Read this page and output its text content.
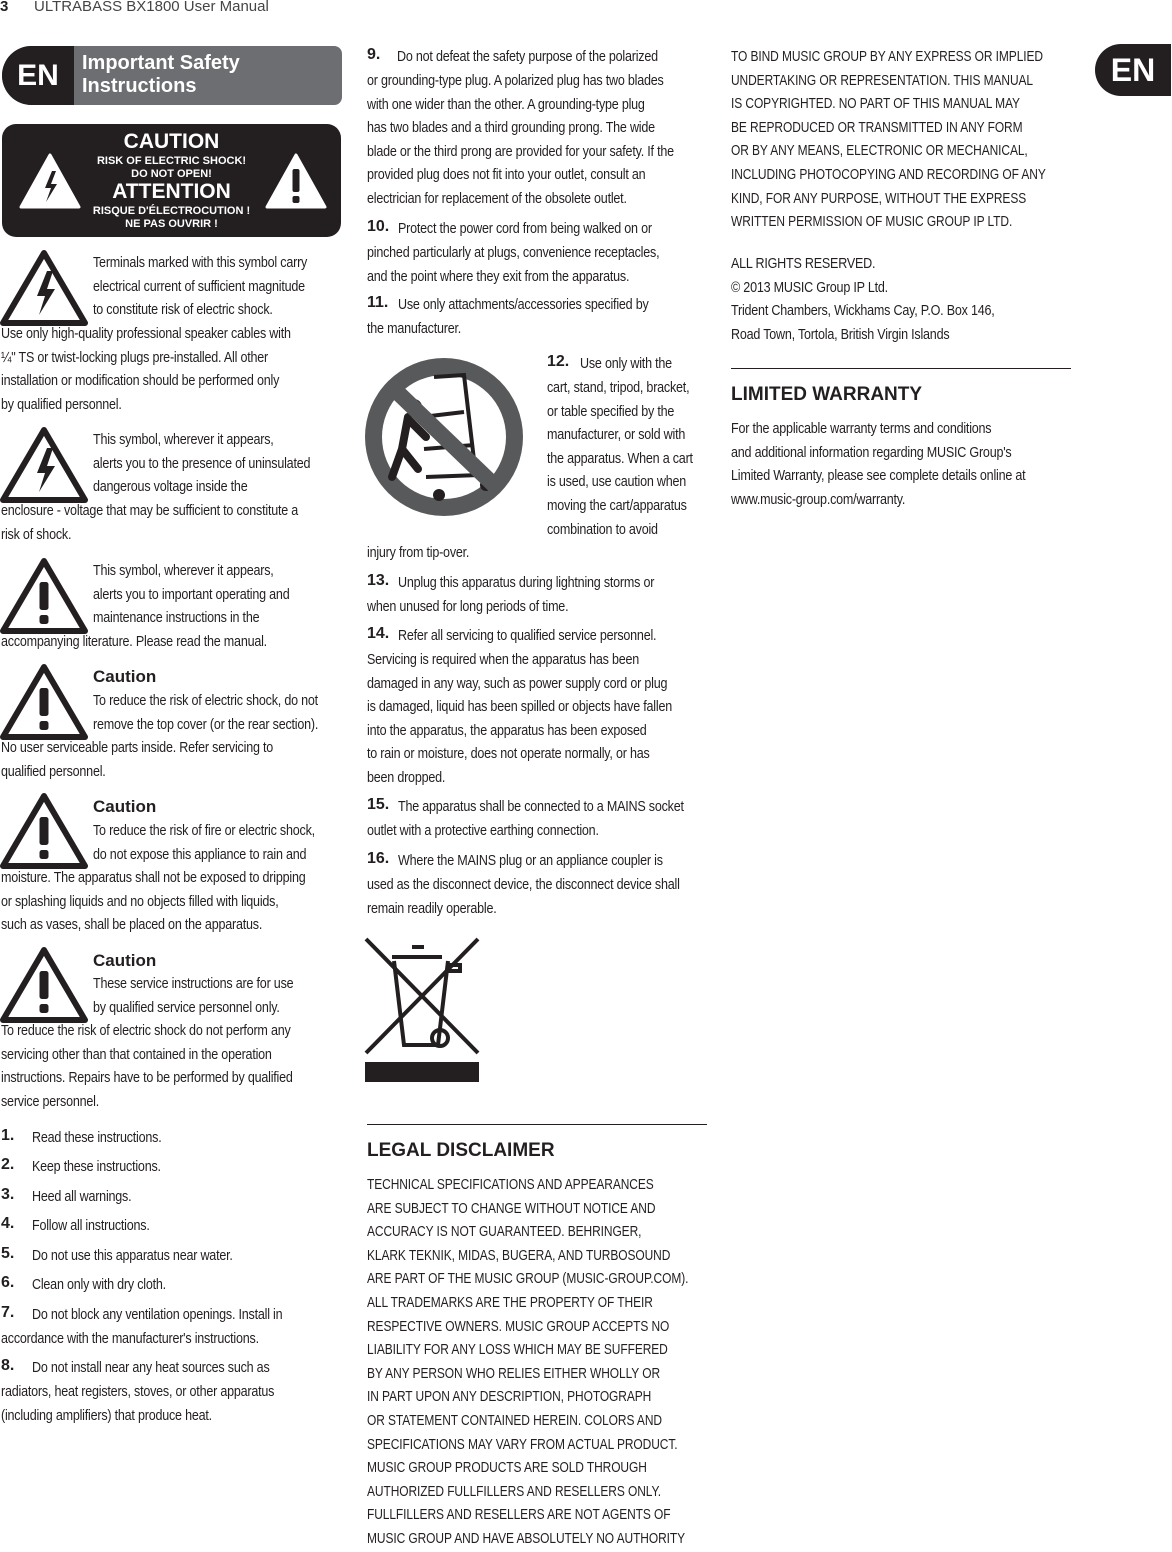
3 ULTRABASS BX1800 User Manual
EN	Important Safety
Instructions	EN
CAUTION
RISK OF ELECTRIC SHOCK!
DO NOT OPEN!
ATTENTION
RISQUE D'ÉLECTROCUTION !
NE PAS OUVRIR !
Terminals marked with this symbol carry
electrical current of sufficient magnitude
to constitute risk of electric shock.
Use only high-quality professional speaker cables with
¼" TS or twist-locking plugs pre-installed. All other
installation or modification should be performed only
by qualified personnel.
This symbol, wherever it appears,
alerts you to the presence of uninsulated
dangerous voltage inside the
enclosure - voltage that may be sufficient to constitute a
risk of shock.
This symbol, wherever it appears,
alerts you to important operating and
maintenance instructions in the
accompanying literature. Please read the manual.
Caution
To reduce the risk of electric shock, do not
remove the top cover (or the rear section).
No user serviceable parts inside. Refer servicing to
qualified personnel.
Caution
To reduce the risk of fire or electric shock,
do not expose this appliance to rain and
moisture. The apparatus shall not be exposed to dripping
or splashing liquids and no objects filled with liquids,
such as vases, shall be placed on the apparatus.
Caution
These service instructions are for use
by qualified service personnel only.
To reduce the risk of electric shock do not perform any
servicing other than that contained in the operation
instructions. Repairs have to be performed by qualified
service personnel.
1. Read these instructions.
2. Keep these instructions.
3. Heed all warnings.
4. Follow all instructions.
5. Do not use this apparatus near water.
6. Clean only with dry cloth.
7. Do not block any ventilation openings. Install in
accordance with the manufacturer's instructions.
8. Do not install near any heat sources such as
radiators, heat registers, stoves, or other apparatus
(including amplifiers) that produce heat.
9. Do not defeat the safety purpose of the polarized
or grounding-type plug. A polarized plug has two blades
with one wider than the other. A grounding-type plug
has two blades and a third grounding prong. The wide
blade or the third prong are provided for your safety. If the
provided plug does not fit into your outlet, consult an
electrician for replacement of the obsolete outlet.
10. Protect the power cord from being walked on or
pinched particularly at plugs, convenience receptacles,
and the point where they exit from the apparatus.
11. Use only attachments/accessories specified by
the manufacturer.
12. Use only with the
cart, stand, tripod, bracket,
or table specified by the
manufacturer, or sold with
the apparatus. When a cart
is used, use caution when
moving the cart/apparatus
combination to avoid
injury from tip-over.
13. Unplug this apparatus during lightning storms or
when unused for long periods of time.
14. Refer all servicing to qualified service personnel.
Servicing is required when the apparatus has been
damaged in any way, such as power supply cord or plug
is damaged, liquid has been spilled or objects have fallen
into the apparatus, the apparatus has been exposed
to rain or moisture, does not operate normally, or has
been dropped.
15. The apparatus shall be connected to a MAINS socket
outlet with a protective earthing connection.
16. Where the MAINS plug or an appliance coupler is
used as the disconnect device, the disconnect device shall
remain readily operable.
LEGAL DISCLAIMER
TECHNICAL SPECIFICATIONS AND APPEARANCES
ARE SUBJECT TO CHANGE WITHOUT NOTICE AND
ACCURACY IS NOT GUARANTEED. BEHRINGER,
KLARK TEKNIK, MIDAS, BUGERA, AND TURBOSOUND
ARE PART OF THE MUSIC GROUP (MUSIC-GROUP.COM).
ALL TRADEMARKS ARE THE PROPERTY OF THEIR
RESPECTIVE OWNERS. MUSIC GROUP ACCEPTS NO
LIABILITY FOR ANY LOSS WHICH MAY BE SUFFERED
BY ANY PERSON WHO RELIES EITHER WHOLLY OR
IN PART UPON ANY DESCRIPTION, PHOTOGRAPH
OR STATEMENT CONTAINED HEREIN. COLORS AND
SPECIFICATIONS MAY VARY FROM ACTUAL PRODUCT.
MUSIC GROUP PRODUCTS ARE SOLD THROUGH
AUTHORIZED FULLFILLERS AND RESELLERS ONLY.
FULLFILLERS AND RESELLERS ARE NOT AGENTS OF
MUSIC GROUP AND HAVE ABSOLUTELY NO AUTHORITY
TO BIND MUSIC GROUP BY ANY EXPRESS OR IMPLIED
UNDERTAKING OR REPRESENTATION. THIS MANUAL
IS COPYRIGHTED. NO PART OF THIS MANUAL MAY
BE REPRODUCED OR TRANSMITTED IN ANY FORM
OR BY ANY MEANS, ELECTRONIC OR MECHANICAL,
INCLUDING PHOTOCOPYING AND RECORDING OF ANY
KIND, FOR ANY PURPOSE, WITHOUT THE EXPRESS
WRITTEN PERMISSION OF MUSIC GROUP IP LTD.
ALL RIGHTS RESERVED.
© 2013 MUSIC Group IP Ltd.
Trident Chambers, Wickhams Cay, P.O. Box 146,
Road Town, Tortola, British Virgin Islands
LIMITED WARRANTY
For the applicable warranty terms and conditions
and additional information regarding MUSIC Group's
Limited Warranty, please see complete details online at
www.music-group.com/warranty.
